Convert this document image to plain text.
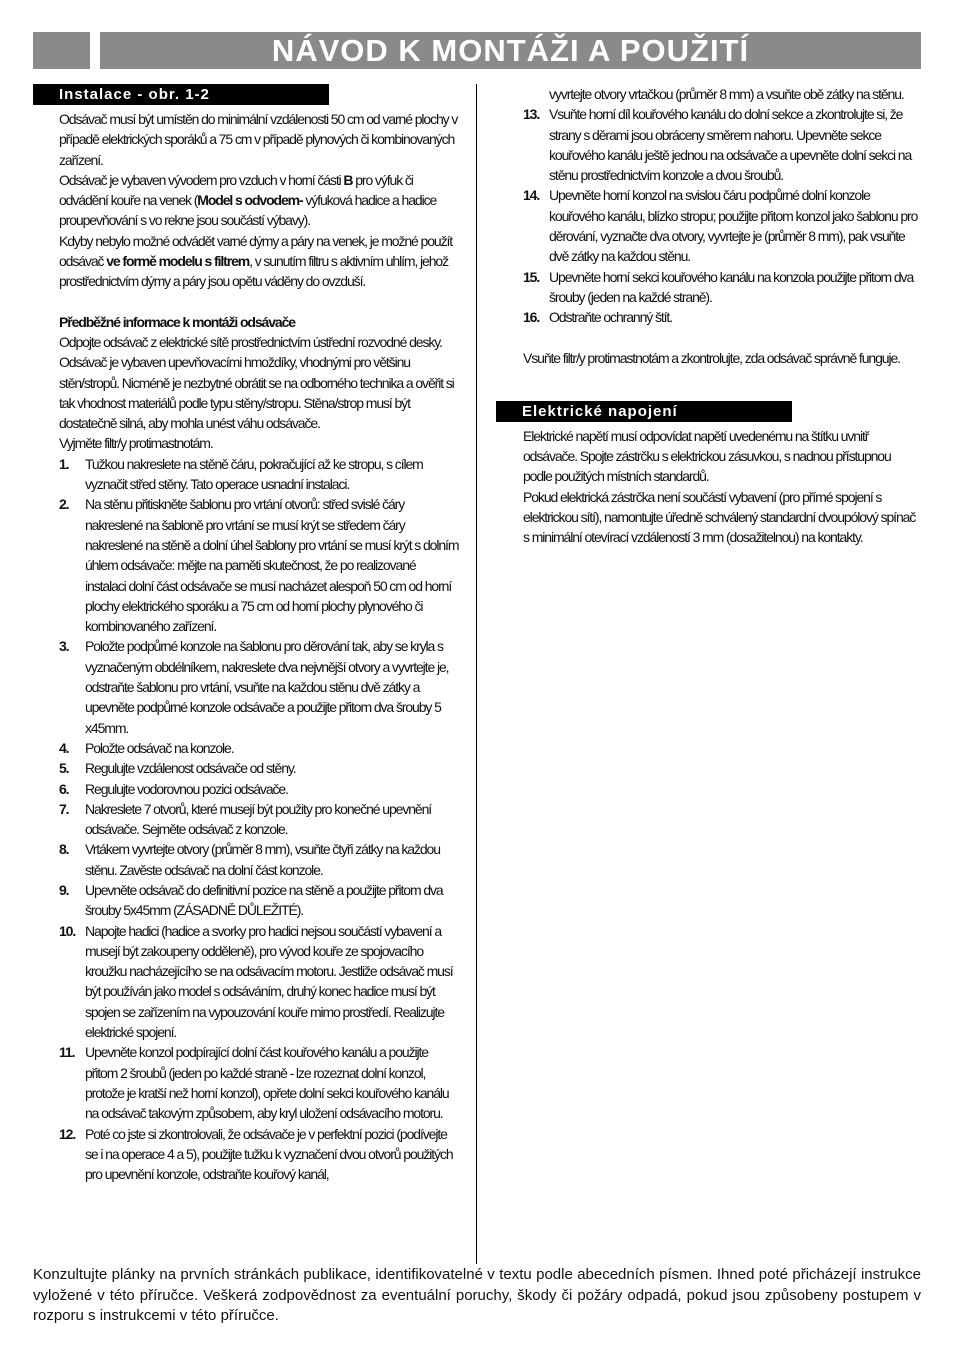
NÁVOD K MONTÁŽI A POUŽITÍ
Instalace - obr. 1-2

Odsávač musí být umístěn do minimální vzdálenosti 50 cm od varné plochy v případě elektrických sporáků a 75 cm v případě plynových či kombinovaných zařízení.

Odsávač je vybaven vývodem pro vzduch v horní části B pro výfuk či odvádění kouře na venek (Model s odvodem- výfuková hadice a hadice proupevňování s vo rekne jsou součástí výbavy).

Kdyby nebylo možné odvádět varné dýmy a páry na venek, je možné použít odsávač ve formě modelu s filtrem, v sunutím filtru s aktivním uhlím, jehož prostřednictvím dýmy a páry jsou opětu váděny do ovzduší.

Předběžné informace k montáži odsávače

Odpojte odsávač z elektrické sítě prostřednictvím ústřední rozvodné desky.

Odsávač je vybaven upevňovacími hmoždíky, vhodnými pro většinu stěn/stropů. Nicméně je nezbytné obrátit se na odborného technika a ověřit si tak vhodnost materiálů podle typu stěny/stropu. Stěna/strop musí být dostatečně silná, aby mohla unést váhu odsávače.

Vyjměte filtr/y protimastnotám.

1.	Tužkou nakreslete na stěně čáru, pokračující až ke stropu, s cílem vyznačit střed stěny. Tato operace usnadní instalaci.
2.	Na stěnu přitiskněte šablonu pro vrtání otvorů: střed svislé čáry nakreslené na šabloně pro vrtání se musí krýt se středem čáry nakreslené na stěně a dolní úhel šablony pro vrtání se musí krýt s dolním úhlem odsávače: mějte na paměti skutečnost, že po realizované instalaci dolní část odsávače se musí nacházet alespoň 50 cm od horní plochy elektrického sporáku a 75 cm od horní plochy plynového či kombinovaného zařízení.
3.	Položte podpůrné konzole na šablonu pro děrování tak, aby se kryla s vyznačeným obdélníkem, nakreslete dva nejvnější otvory a vyvrtejte je, odstraňte šablonu pro vrtání, vsuňte na každou stěnu dvě zátky a upevněte podpůrné konzole odsávače a použijte přitom dva šrouby 5 x45mm.
4.	Položte odsávač na konzole.
5.	Regulujte vzdálenost odsávače od stěny.
6.	Regulujte vodorovnou pozici odsávače.
7.	Nakreslete 7 otvorů, které musejí být použity pro konečné upevnění odsávače. Sejměte odsávač z konzole.
8.	Vrtákem vyvrtejte otvory (průměr 8 mm), vsuňte čtyři zátky na každou stěnu. Zavěste odsávač na dolní část konzole.
9.	Upevněte odsávač do definitivní pozice na stěně a použijte přitom dva šrouby 5x45mm (ZÁSADNĚ DŮLEŽITÉ).
10. Napojte hadici (hadice a svorky pro hadici nejsou součástí vybavení a musejí být zakoupeny odděleně), pro vývod kouře ze spojovacího kroužku nacházejícího se na odsávacím motoru. Jestliže odsávač musí být používán jako model s odsáváním, druhý konec hadice musí být spojen se zařízením na vypouzování kouře mimo prostředí. Realizujte elektrické spojení.
11. Upevněte konzol podpírající dolní část kouřového kanálu a použijte přitom 2 šroubů (jeden po každé straně - lze rozeznat dolní konzol, protože je kratší než horní konzol), opřete dolní sekci kouřového kanálu na odsávač takovým způsobem, aby kryl uložení odsávacího motoru.
12. Poté co jste si zkontrolovali, že odsávače je v perfektní pozici (podívejte se i na operace 4 a 5), použijte tužku k vyznačení dvou otvorů použitých pro upevnění konzole, odstraňte kouřový kanál,

vyvrtejte otvory vrtačkou (průměr 8 mm) a vsuňte obě zátky na stěnu.

13. Vsuňte horní díl kouřového kanálu do dolní sekce a zkontrolujte si, že strany s děrami jsou obráceny směrem nahoru. Upevněte sekce kouřového kanálu ještě jednou na odsávače a upevněte dolní sekci na stěnu prostřednictvím konzole a dvou šroubů.
14. Upevněte horní konzol na svislou čáru podpůrné dolní konzole kouřového kanálu, blízko stropu; použijte přitom konzol jako šablonu pro děrování, vyznačte dva otvory, vyvrtejte je (průměr 8 mm), pak vsuňte dvě zátky na každou stěnu.
15. Upevněte horní sekci kouřového kanálu na konzola použijte přitom dva šrouby (jeden na každé straně).
16. Odstraňte ochranný štít.

Vsuňte filtr/y protimastnotám a zkontrolujte, zda odsávač správně funguje.

Elektrické napojení

Elektrické napětí musí odpovídat napětí uvedenému na štítku uvnitř odsávače. Spojte zástrčku s elektrickou zásuvkou, s nadnou přístupnou podle použitých místních standardů.

Pokud elektrická zástrčka není součástí vybavení (pro přímé spojení s elektrickou sítí), namontujte úředně schválený standardní dvoupólový spínač s minimální otevírací vzdáleností 3 mm (dosažitelnou) na kontakty.

Konzultujte plánky na prvních stránkách publikace, identifikovatelné v textu podle abecedních písmen. Ihned poté přicházejí instrukce vyložené v této příručce. Veškerá zodpovědnost za eventuální poruchy, škody či požáry odpadá, pokud jsou způsobeny postupem v rozporu s instrukcemi v této příručce.
